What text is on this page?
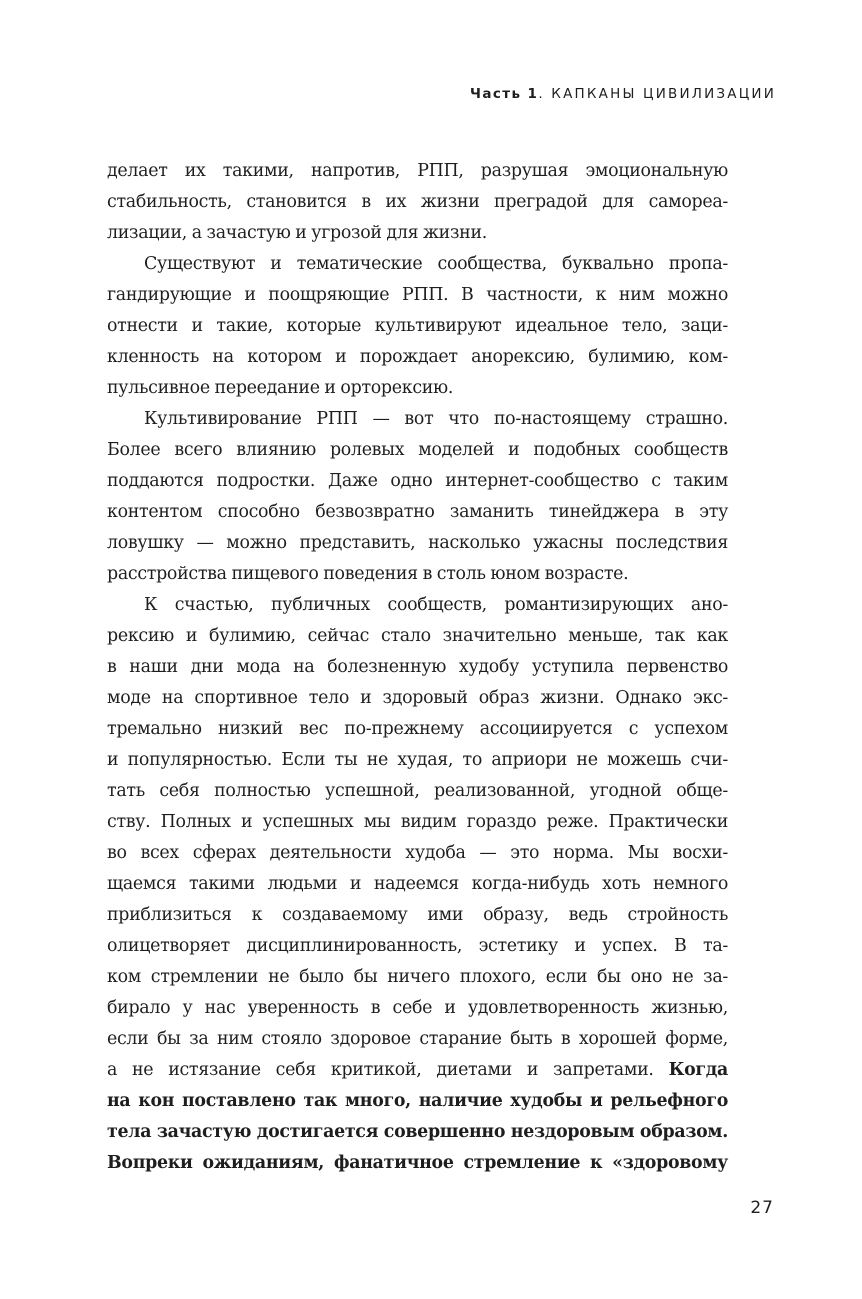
Часть 1. КАПКАНЫ ЦИВИЛИЗАЦИИ
делает их такими, напротив, РПП, разрушая эмоциональную
стабильность, становится в их жизни преградой для самореа-
лизации, а зачастую и угрозой для жизни.
Существуют и тематические сообщества, буквально пропа-
гандирующие и поощряющие РПП. В частности, к ним можно
отнести и такие, которые культивируют идеальное тело, заци-
кленность на котором и порождает анорексию, булимию, ком-
пульсивное переедание и орторексию.
Культивирование РПП — вот что по-настоящему страшно.
Более всего влиянию ролевых моделей и подобных сообществ
поддаются подростки. Даже одно интернет-сообщество с таким
контентом способно безвозвратно заманить тинейджера в эту
ловушку — можно представить, насколько ужасны последствия
расстройства пищевого поведения в столь юном возрасте.
К счастью, публичных сообществ, романтизирующих ано-
рексию и булимию, сейчас стало значительно меньше, так как
в наши дни мода на болезненную худобу уступила первенство
моде на спортивное тело и здоровый образ жизни. Однако экс-
тремально низкий вес по-прежнему ассоциируется с успехом
и популярностью. Если ты не худая, то априори не можешь счи-
тать себя полностью успешной, реализованной, угодной обще-
ству. Полных и успешных мы видим гораздо реже. Практически
во всех сферах деятельности худоба — это норма. Мы восхи-
щаемся такими людьми и надеемся когда-нибудь хоть немного
приблизиться к создаваемому ими образу, ведь стройность
олицетворяет дисциплинированность, эстетику и успех. В та-
ком стремлении не было бы ничего плохого, если бы оно не за-
бирало у нас уверенность в себе и удовлетворенность жизнью,
если бы за ним стояло здоровое старание быть в хорошей форме,
а не истязание себя критикой, диетами и запретами. Когда
на кон поставлено так много, наличие худобы и рельефного
тела зачастую достигается совершенно нездоровым образом.
Вопреки ожиданиям, фанатичное стремление к «здоровому
27
